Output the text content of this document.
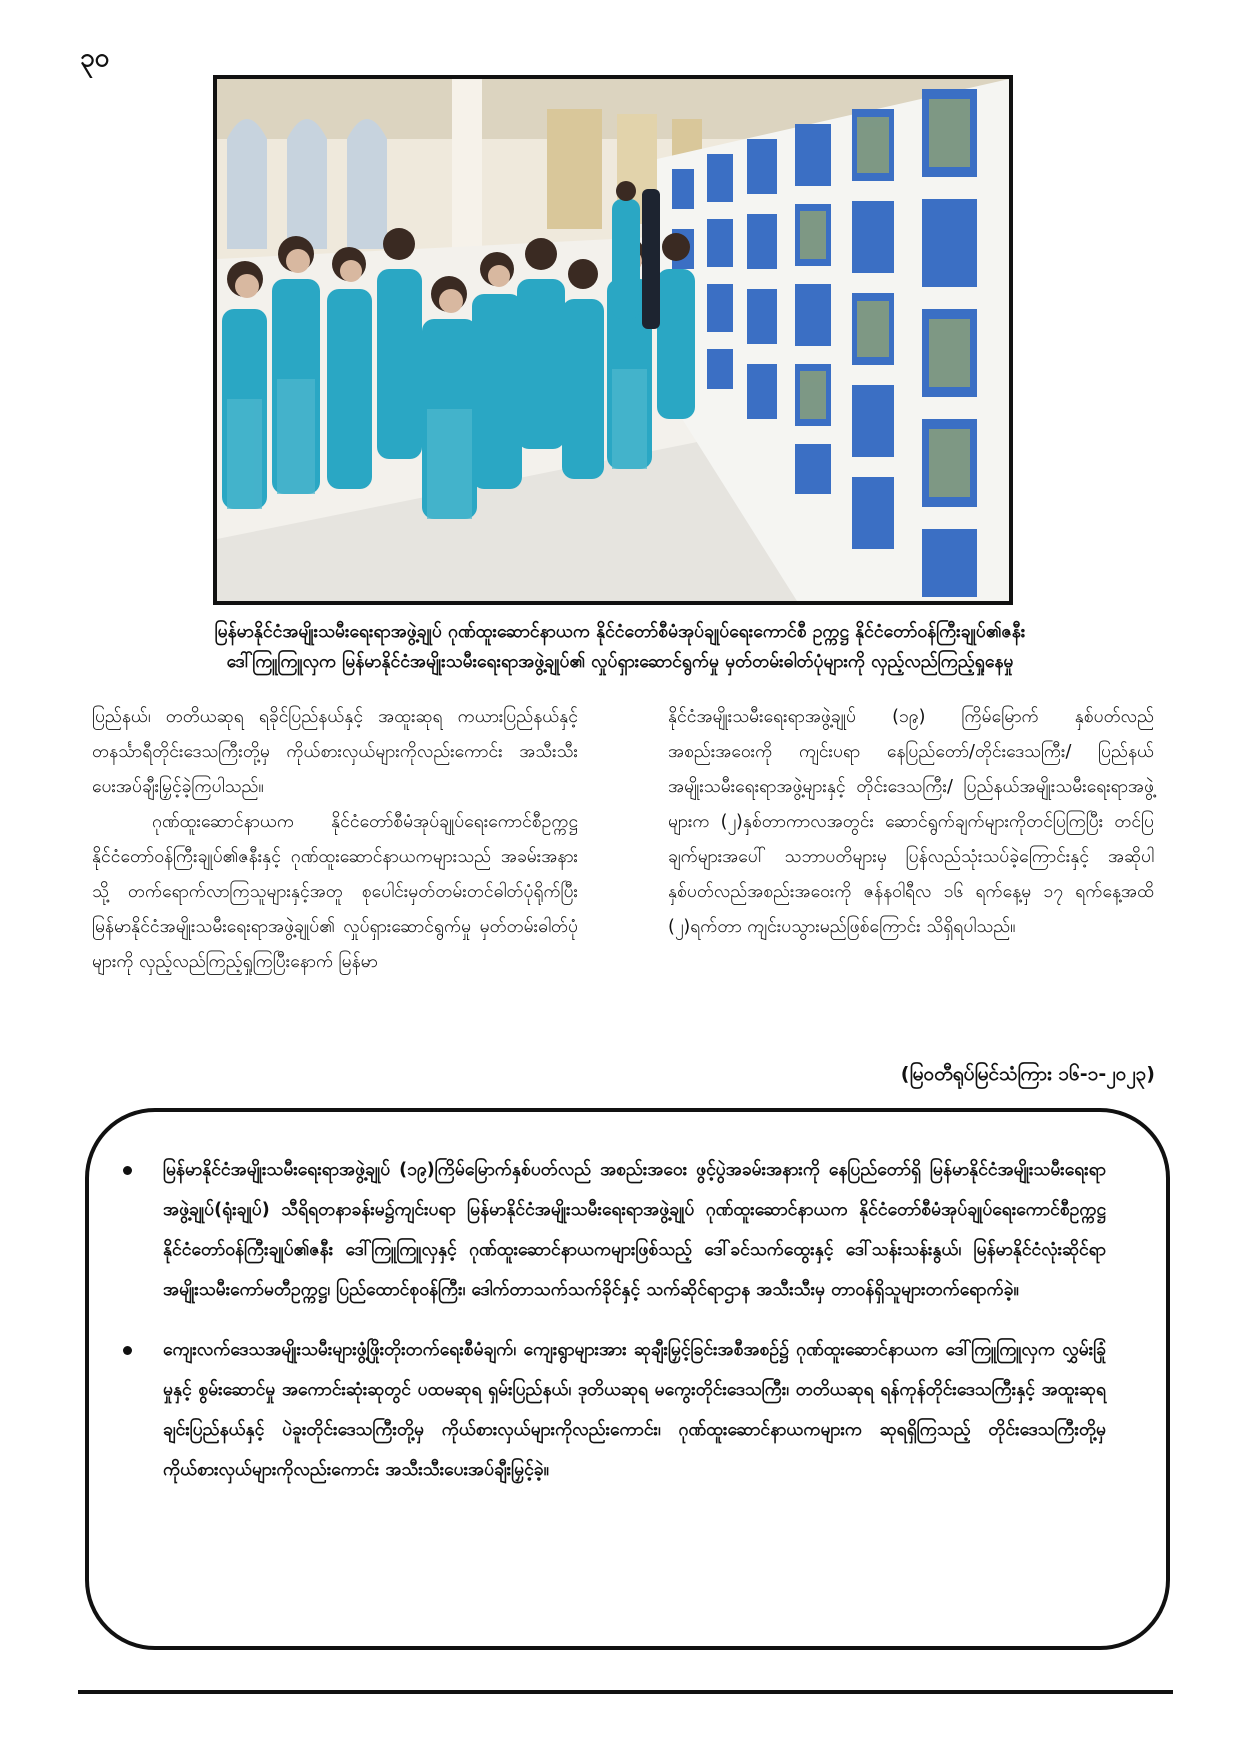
၃၀
မြန်မာနိုင်ငံအမျိုးသမီးရေးရာအဖွဲ့ချုပ် ဂုဏ်ထူးဆောင်နာယက နိုင်ငံတော်စီမံအုပ်ချုပ်ရေးကောင်စီ ဥက္ကဋ္ဌ နိုင်ငံတော်ဝန်ကြီးချုပ်၏ဇနီး
ဒေါ်ကြူကြူလှက မြန်မာနိုင်ငံအမျိုးသမီးရေးရာအဖွဲ့ချုပ်၏ လှုပ်ရှားဆောင်ရွက်မှု မှတ်တမ်းဓါတ်ပုံများကို လှည့်လည်ကြည့်ရှုနေမှု

ပြည်နယ်၊ တတိယဆုရ ရခိုင်ပြည်နယ်နှင့် အထူးဆုရ ကယားပြည်နယ်နှင့်တနင်္သာရီတိုင်းဒေသကြီးတို့မှ ကိုယ်စားလှယ်များကိုလည်းကောင်း အသီးသီးပေးအပ်ချီးမြှင့်ခဲ့ကြပါသည်။

ဂုဏ်ထူးဆောင်နာယက နိုင်ငံတော်စီမံအုပ်ချုပ်ရေးကောင်စီဥက္ကဋ္ဌ နိုင်ငံတော်ဝန်ကြီးချုပ်၏ဇနီးနှင့် ဂုဏ်ထူးဆောင်နာယကများသည် အခမ်းအနားသို့ တက်ရောက်လာကြသူများနှင့်အတူ စုပေါင်းမှတ်တမ်းတင်ဓါတ်ပုံရိုက်ပြီး မြန်မာနိုင်ငံအမျိုးသမီးရေးရာအဖွဲ့ချုပ်၏ လှုပ်ရှားဆောင်ရွက်မှု မှတ်တမ်းဓါတ်ပုံများကို လှည့်လည်ကြည့်ရှုကြပြီးနောက် မြန်မာ

နိုင်ငံအမျိုးသမီးရေးရာအဖွဲ့ချုပ် (၁၉) ကြိမ်မြောက် နှစ်ပတ်လည် အစည်းအဝေးကို ကျင်းပရာ နေပြည်တော်/တိုင်းဒေသကြီး/ ပြည်နယ် အမျိုးသမီးရေးရာအဖွဲ့များနှင့် တိုင်းဒေသကြီး/ ပြည်နယ်အမျိုးသမီးရေးရာအဖွဲ့များက (၂)နှစ်တာကာလအတွင်း ဆောင်ရွက်ချက်များကိုတင်ပြကြပြီး တင်ပြချက်များအပေါ် သဘာပတိများမှ ပြန်လည်သုံးသပ်ခဲ့ကြောင်းနှင့် အဆိုပါနှစ်ပတ်လည်အစည်းအဝေးကို ဇန်နဝါရီလ ၁၆ ရက်နေ့မှ ၁၇ ရက်နေ့အထိ (၂)ရက်တာ ကျင်းပသွားမည်ဖြစ်ကြောင်း သိရှိရပါသည်။

(မြဝတီရုပ်မြင်သံကြား ၁၆-၁-၂၀၂၃)
မြန်မာနိုင်ငံအမျိုးသမီးရေးရာအဖွဲ့ချုပ် (၁၉)ကြိမ်မြောက်နှစ်ပတ်လည် အစည်းအဝေး ဖွင့်ပွဲအခမ်းအနားကို နေပြည်တော်ရှိ မြန်မာနိုင်ငံအမျိုးသမီးရေးရာအဖွဲ့ချုပ်(ရုံးချုပ်) သီရိရတနာခန်းမ၌ကျင်းပရာ မြန်မာနိုင်ငံအမျိုးသမီးရေးရာအဖွဲ့ချုပ် ဂုဏ်ထူးဆောင်နာယက နိုင်ငံတော်စီမံအုပ်ချုပ်ရေးကောင်စီဥက္ကဋ္ဌ နိုင်ငံတော်ဝန်ကြီးချုပ်၏ဇနီး ဒေါ်ကြူကြူလှနှင့် ဂုဏ်ထူးဆောင်နာယကများဖြစ်သည့် ဒေါ်ခင်သက်ထွေးနှင့် ဒေါ်သန်းသန်းနွယ်၊ မြန်မာနိုင်ငံလုံးဆိုင်ရာအမျိုးသမီးကော်မတီဥက္ကဋ္ဌ၊ ပြည်ထောင်စုဝန်ကြီး၊ ဒေါက်တာသက်သက်ခိုင်နှင့် သက်ဆိုင်ရာဌာန အသီးသီးမှ တာဝန်ရှိသူများတက်ရောက်ခဲ့။
ကျေးလက်ဒေသအမျိုးသမီးများဖွံ့ဖြိုးတိုးတက်ရေးစီမံချက်၊ ကျေးရွာများအား ဆုချီးမြှင့်ခြင်းအစီအစဉ်၌ ဂုဏ်ထူးဆောင်နာယက ဒေါ်ကြူကြူလှက လွှမ်းခြုံမှုနှင့် စွမ်းဆောင်မှု အကောင်းဆုံးဆုတွင် ပထမဆုရ ရှမ်းပြည်နယ်၊ ဒုတိယဆုရ မကွေးတိုင်းဒေသကြီး၊ တတိယဆုရ ရန်ကုန်တိုင်းဒေသကြီးနှင့် အထူးဆုရ ချင်းပြည်နယ်နှင့် ပဲခူးတိုင်းဒေသကြီးတို့မှ ကိုယ်စားလှယ်များကိုလည်းကောင်း၊ ဂုဏ်ထူးဆောင်နာယကများက ဆုရရှိကြသည့် တိုင်းဒေသကြီးတို့မှ ကိုယ်စားလှယ်များကိုလည်းကောင်း အသီးသီးပေးအပ်ချီးမြှင့်ခဲ့။
